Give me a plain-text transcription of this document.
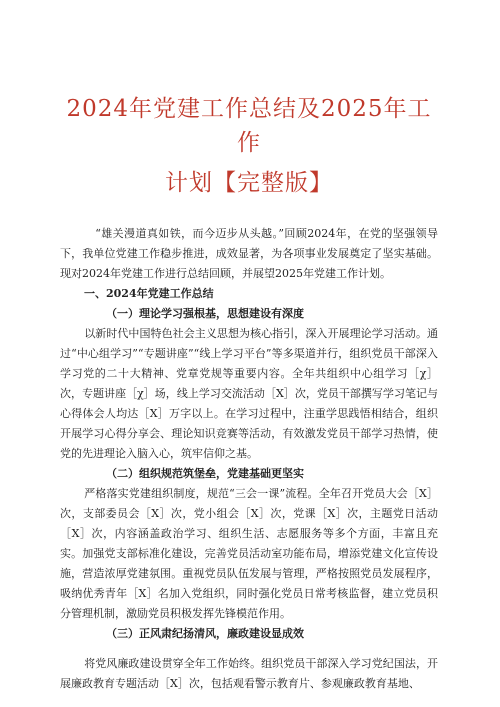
2024年党建工作总结及2025年工作
计划【完整版】

“雄关漫道真如铁，而今迈步从头越。”回顾2024年，在党的坚强领导下，我单位党建工作稳步推进，成效显著，为各项事业发展奠定了坚实基础。现对2024年党建工作进行总结回顾，并展望2025年党建工作计划。

一、2024年党建工作总结

（一）理论学习强根基，思想建设有深度

以新时代中国特色社会主义思想为核心指引，深入开展理论学习活动。通过“中心组学习”“专题讲座”“线上学习平台”等多渠道并行，组织党员干部深入学习党的二十大精神、党章党规等重要内容。全年共组织中心组学习［χ］次，专题讲座［χ］场，线上学习交流活动［X］次，党员干部撰写学习笔记与心得体会人均达［X］万字以上。在学习过程中，注重学思践悟相结合，组织开展学习心得分享会、理论知识竞赛等活动，有效激发党员干部学习热情，使党的先进理论入脑入心，筑牢信仰之基。

（二）组织规范筑堡垒，党建基础更坚实

严格落实党建组织制度，规范“三会一课”流程。全年召开党员大会［X］次，支部委员会［X］次，党小组会［X］次，党课［X］次，主题党日活动［X］次，内容涵盖政治学习、组织生活、志愿服务等多个方面，丰富且充实。加强党支部标准化建设，完善党员活动室功能布局，增添党建文化宣传设施，营造浓厚党建氛围。重视党员队伍发展与管理，严格按照党员发展程序，吸纳优秀青年［X］名加入党组织，同时强化党员日常考核监督，建立党员积分管理机制，激励党员积极发挥先锋模范作用。

（三）正风肃纪扬清风，廉政建设显成效

将党风廉政建设贯穿全年工作始终。组织党员干部深入学习党纪国法，开展廉政教育专题活动［X］次，包括观看警示教育片、参观廉政教育基地、
